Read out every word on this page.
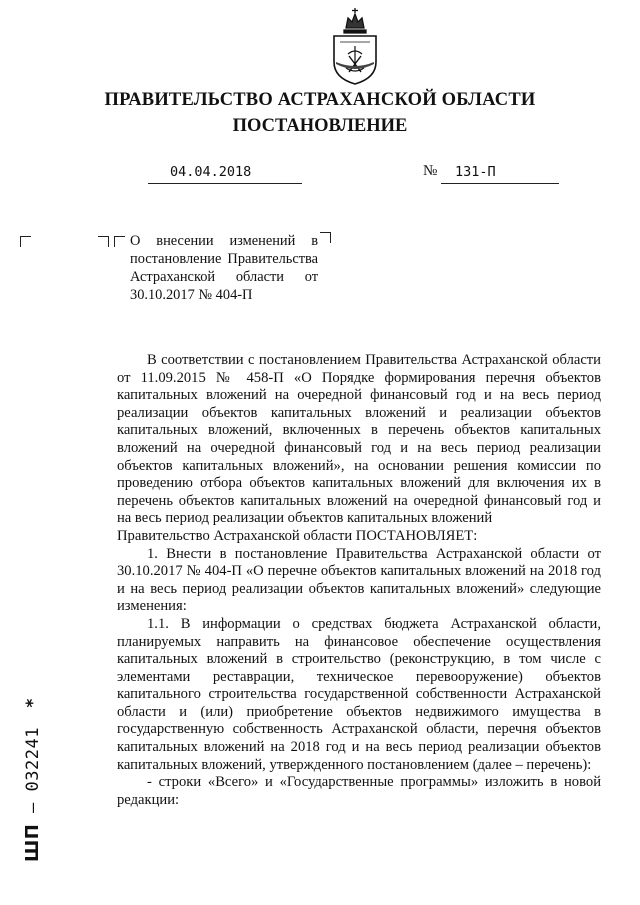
ПРАВИТЕЛЬСТВО АСТРАХАНСКОЙ ОБЛАСТИ
ПОСТАНОВЛЕНИЕ
04.04.2018	№ 131-П

О внесении изменений в постановление Правительства Астраханской области от 30.10.2017 № 404-П

В соответствии с постановлением Правительства Астраханской области от 11.09.2015 № 458-П «О Порядке формирования перечня объектов капитальных вложений на очередной финансовый год и на весь период реализации объектов капитальных вложений и реализации объектов капитальных вложений, включенных в перечень объектов капитальных вложений на очередной финансовый год и на весь период реализации объектов капитальных вложений», на основании решения комиссии по проведению отбора объектов капитальных вложений для включения их в перечень объектов капитальных вложений на очередной финансовый год и на весь период реализации объектов капитальных вложений

Правительство Астраханской области ПОСТАНОВЛЯЕТ:

1. Внести в постановление Правительства Астраханской области от 30.10.2017 № 404-П «О перечне объектов капитальных вложений на 2018 год и на весь период реализации объектов капитальных вложений» следующие изменения:

1.1. В информации о средствах бюджета Астраханской области, планируемых направить на финансовое обеспечение осуществления капитальных вложений в строительство (реконструкцию, в том числе с элементами реставрации, техническое перевооружение) объектов капитального строительства государственной собственности Астраханской области и (или) приобретение объектов недвижимого имущества в государственную собственность Астраханской области, перечня объектов капитальных вложений на 2018 год и на весь период реализации объектов капитальных вложений, утвержденного постановлением (далее – перечень):

- строки «Всего» и «Государственные программы» изложить в новой редакции:

ШП – 032241 *
